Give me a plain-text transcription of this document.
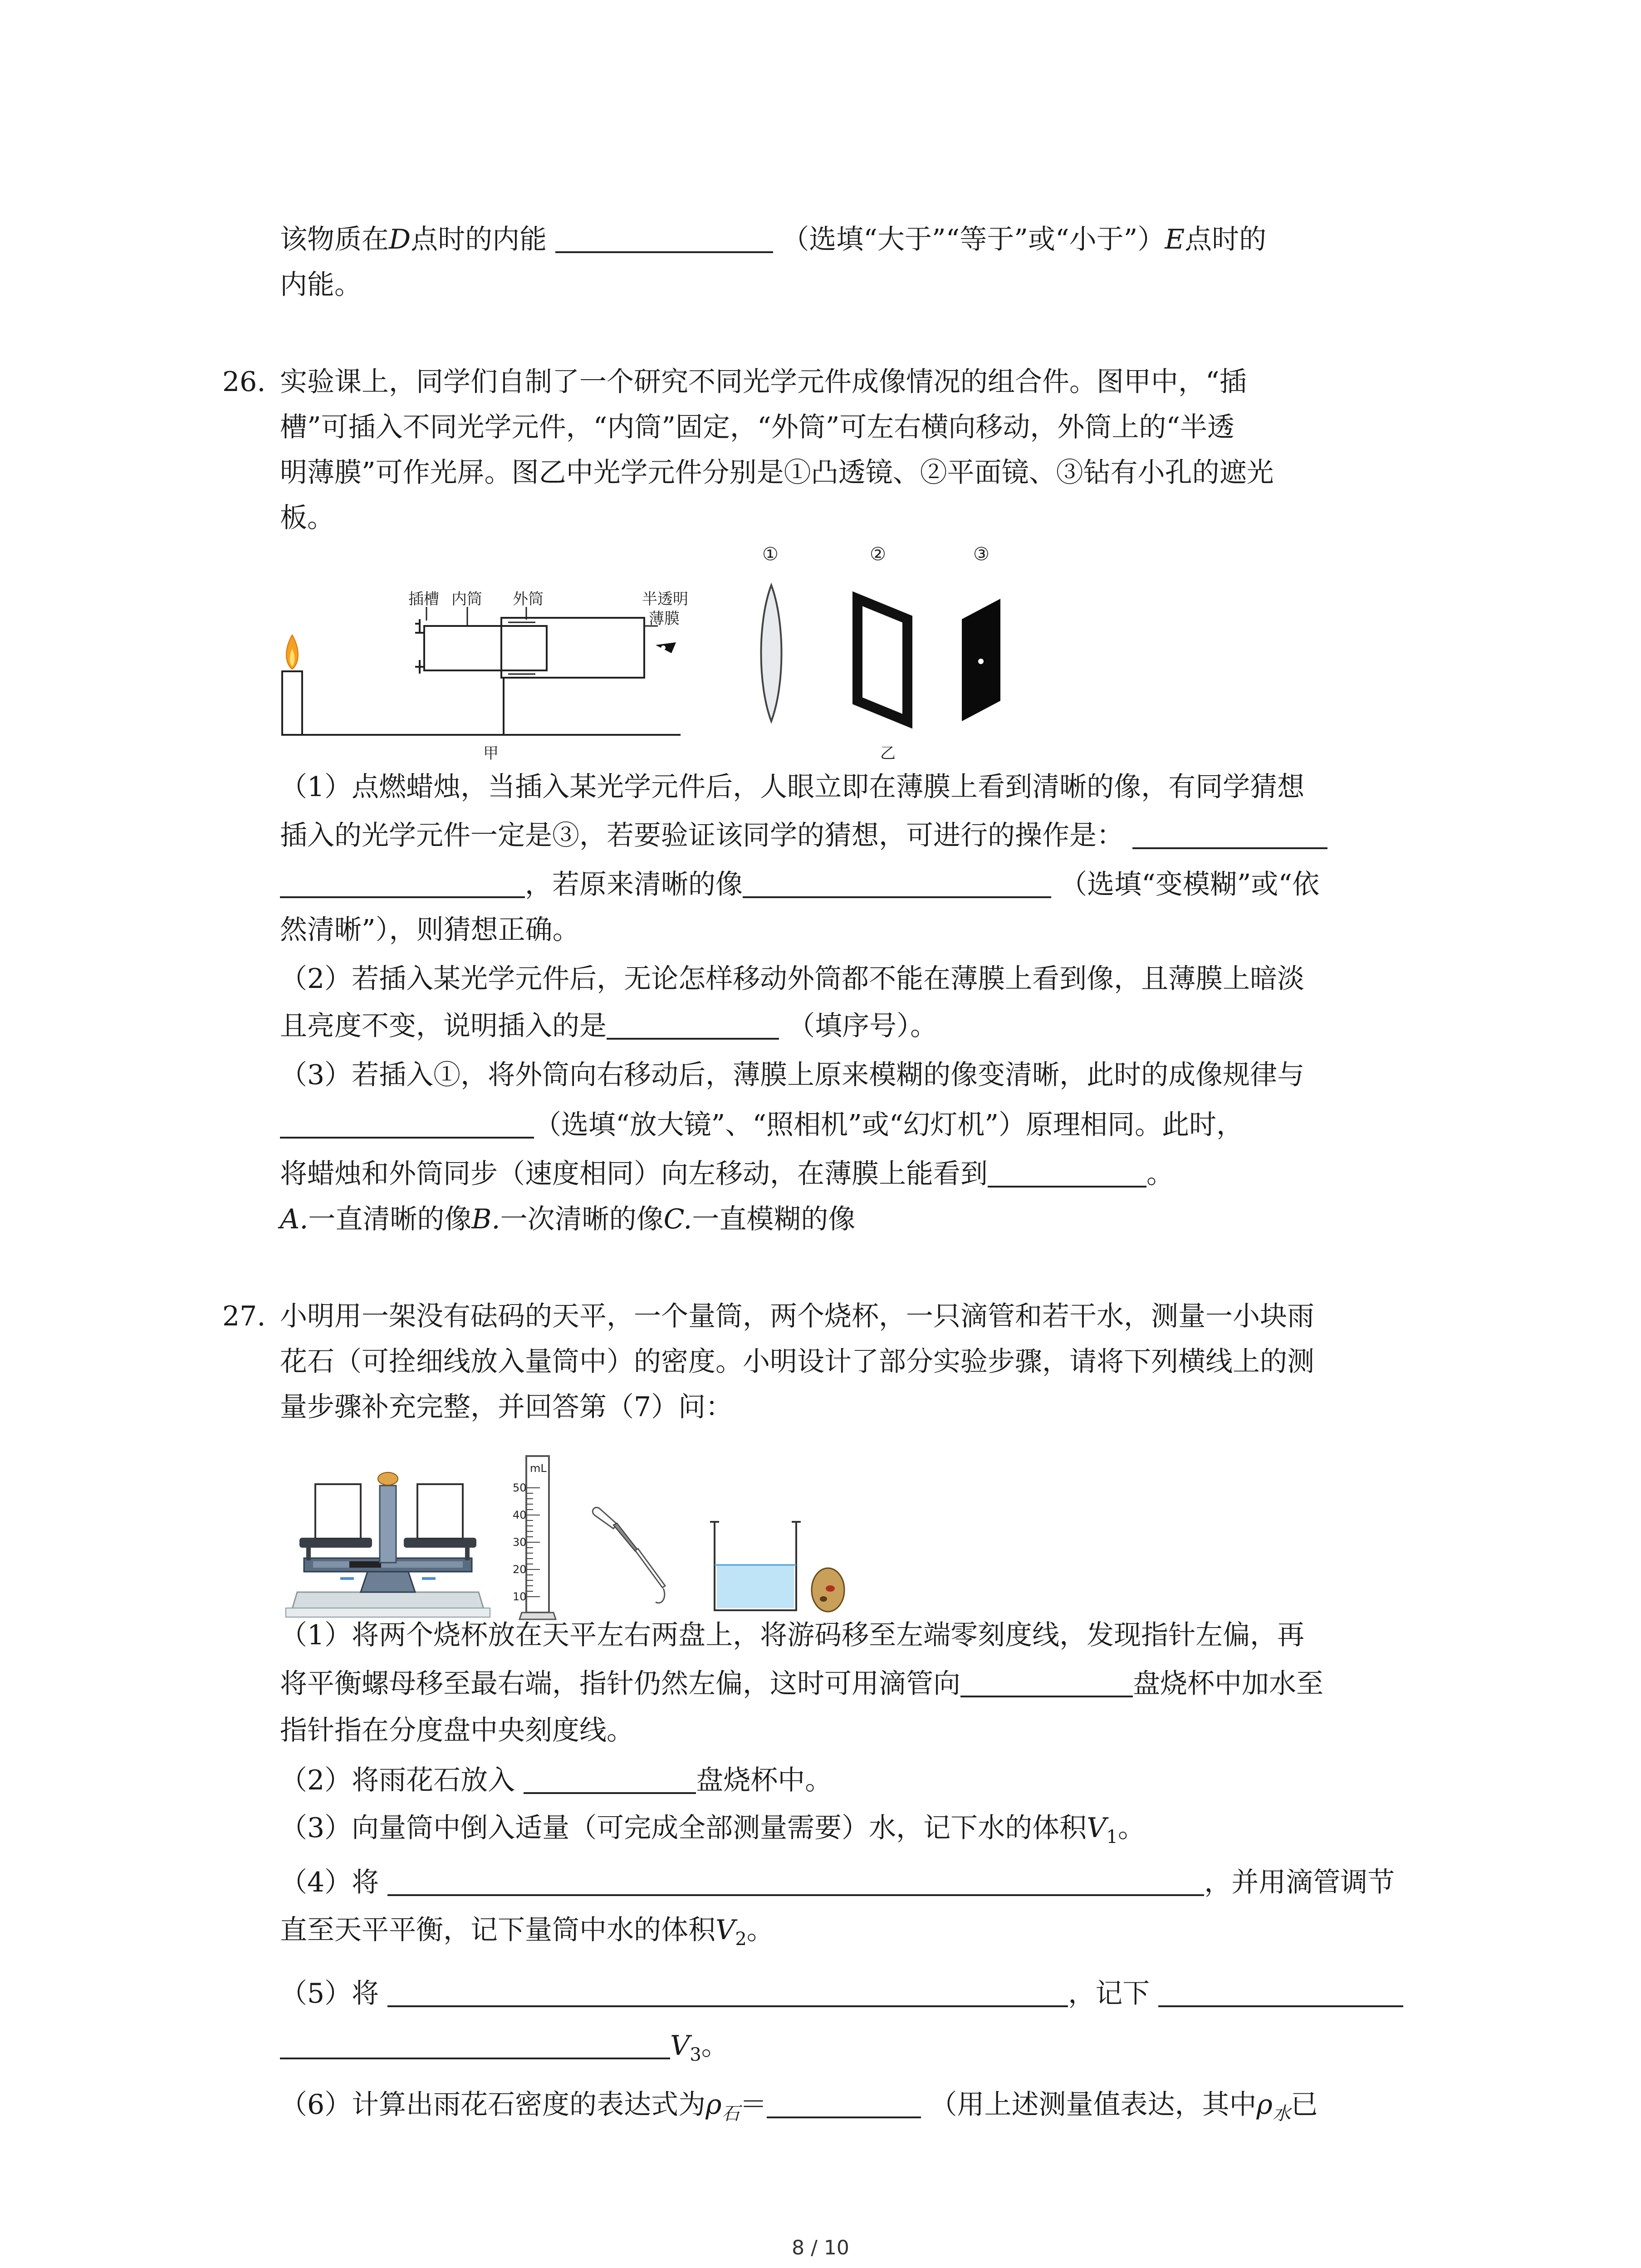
该物质在D点时的内能	（选填“大于”“等于”或“小于”）E点时的
内能。
26. 实验课上，同学们自制了一个研究不同光学元件成像情况的组合件。图甲中，“插
槽”可插入不同光学元件，“内筒”固定，“外筒”可左右横向移动，外筒上的“半透
明薄膜”可作光屏。图乙中光学元件分别是①凸透镜、②平面镜、③钻有小孔的遮光
板。
插槽 内筒 外筒	半透明
薄膜
甲
①	②	③
乙
（1）点燃蜡烛，当插入某光学元件后，人眼立即在薄膜上看到清晰的像，有同学猜想
插入的光学元件一定是③，若要验证该同学的猜想，可进行的操作是：
，若原来清晰的像	（选填“变模糊”或“依
然清晰”），则猜想正确。
（2）若插入某光学元件后，无论怎样移动外筒都不能在薄膜上看到像，且薄膜上暗淡
且亮度不变，说明插入的是	（填序号）。
（3）若插入①，将外筒向右移动后，薄膜上原来模糊的像变清晰，此时的成像规律与
（选填“放大镜”、“照相机”或“幻灯机”）原理相同。此时，
将蜡烛和外筒同步（速度相同）向左移动，在薄膜上能看到	。
A.一直清晰的像B.一次清晰的像C.一直模糊的像
27. 小明用一架没有砝码的天平，一个量筒，两个烧杯，一只滴管和若干水，测量一小块雨
花石（可拴细线放入量筒中）的密度。小明设计了部分实验步骤，请将下列横线上的测
量步骤补充完整，并回答第（7）问：
mL
50
40
30
20
10
（1）将两个烧杯放在天平左右两盘上，将游码移至左端零刻度线，发现指针左偏，再
将平衡螺母移至最右端，指针仍然左偏，这时可用滴管向	盘烧杯中加水至
指针指在分度盘中央刻度线。
（2）将雨花石放入	盘烧杯中。
（3）向量筒中倒入适量（可完成全部测量需要）水，记下水的体积$V_1$。
（4）将	，并用滴管调节
直至天平平衡，记下量筒中水的体积$V_2$。
（5）将	，记下
$V_3$。
（6）计算出雨花石密度的表达式为$\rho_石=$	（用上述测量值表达，其中$\rho_水$已
8 / 10
